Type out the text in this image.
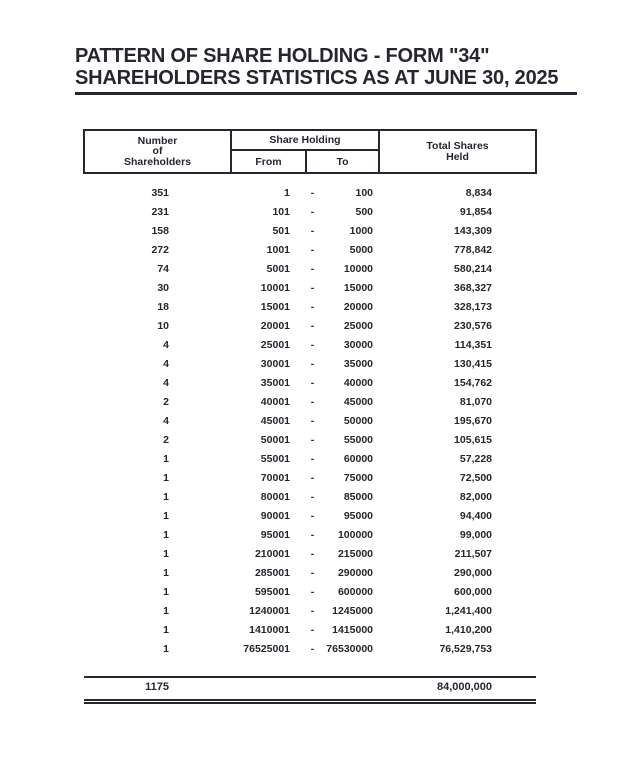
PATTERN OF SHARE HOLDING - FORM "34"
SHAREHOLDERS STATISTICS AS AT JUNE 30, 2025
Number
of
Shareholders
	Share Holding	Total Shares
Held

	From	To		
351	1	-	100	8,834
231	101	-	500	91,854
158	501	-	1000	143,309
272	1001	-	5000	778,842
74	5001	-	10000	580,214
30	10001	-	15000	368,327
18	15001	-	20000	328,173
10	20001	-	25000	230,576
4	25001	-	30000	114,351
4	30001	-	35000	130,415
4	35001	-	40000	154,762
2	40001	-	45000	81,070
4	45001	-	50000	195,670
2	50001	-	55000	105,615
1	55001	-	60000	57,228
1	70001	-	75000	72,500
1	80001	-	85000	82,000
1	90001	-	95000	94,400
1	95001	-	100000	99,000
1	210001	-	215000	211,507
1	285001	-	290000	290,000
1	595001	-	600000	600,000
1	1240001	-	1245000	1,241,400
1	1410001	-	1415000	1,410,200
1	76525001	-	76530000	76,529,753
1175				84,000,000
